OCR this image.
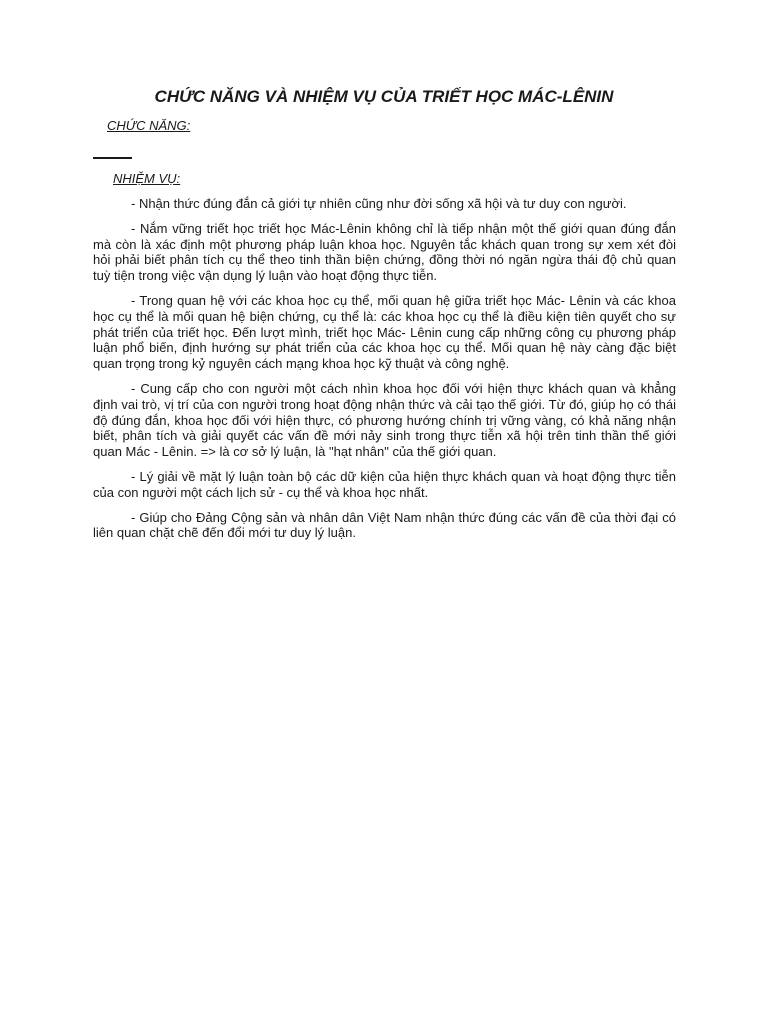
CHỨC NĂNG VÀ NHIỆM VỤ CỦA TRIẾT HỌC MÁC-LÊNIN

CHỨC NĂNG:

NHIỆM VỤ:

- Nhận thức đúng đắn cả giới tự nhiên cũng như đời sống xã hội và tư duy con người.

- Nắm vững triết học triết học Mác-Lênin không chỉ là tiếp nhận một thế giới quan đúng đắn mà còn là xác định một phương pháp luận khoa học. Nguyên tắc khách quan trong sự xem xét đòi hỏi phải biết phân tích cụ thể theo tinh thần biện chứng, đồng thời nó ngăn ngừa thái độ chủ quan tuỳ tiện trong việc vận dụng lý luận vào hoạt động thực tiễn.

- Trong quan hệ với các khoa học cụ thể, mối quan hệ giữa triết học Mác- Lênin và các khoa học cụ thể là mối quan hệ biện chứng, cụ thể là: các khoa học cụ thể là điều kiện tiên quyết cho sự phát triển của triết học. Đến lượt mình, triết học Mác- Lênin cung cấp những công cụ phương pháp luận phổ biến, định hướng sự phát triển của các khoa học cụ thể. Mối quan hệ này càng đặc biệt quan trọng trong kỷ nguyên cách mạng khoa học kỹ thuật và công nghệ.

- Cung cấp cho con người một cách nhìn khoa học đối với hiện thực khách quan và khẳng định vai trò, vị trí của con người trong hoạt động nhận thức và cải tạo thế giới. Từ đó, giúp họ có thái độ đúng đắn, khoa học đối với hiện thực, có phương hướng chính trị vững vàng, có khả năng nhận biết, phân tích và giải quyết các vấn đề mới nảy sinh trong thực tiễn xã hội trên tinh thần thế giới quan Mác - Lênin. => là cơ sở lý luận, là "hạt nhân" của thế giới quan.

- Lý giải về mặt lý luận toàn bộ các dữ kiện của hiện thực khách quan và hoạt động thực tiễn của con người một cách lịch sử - cụ thể và khoa học nhất.

- Giúp cho Đảng Cộng sản và nhân dân Việt Nam nhận thức đúng các vấn đề của thời đại có liên quan chặt chẽ đến đổi mới tư duy lý luận.
